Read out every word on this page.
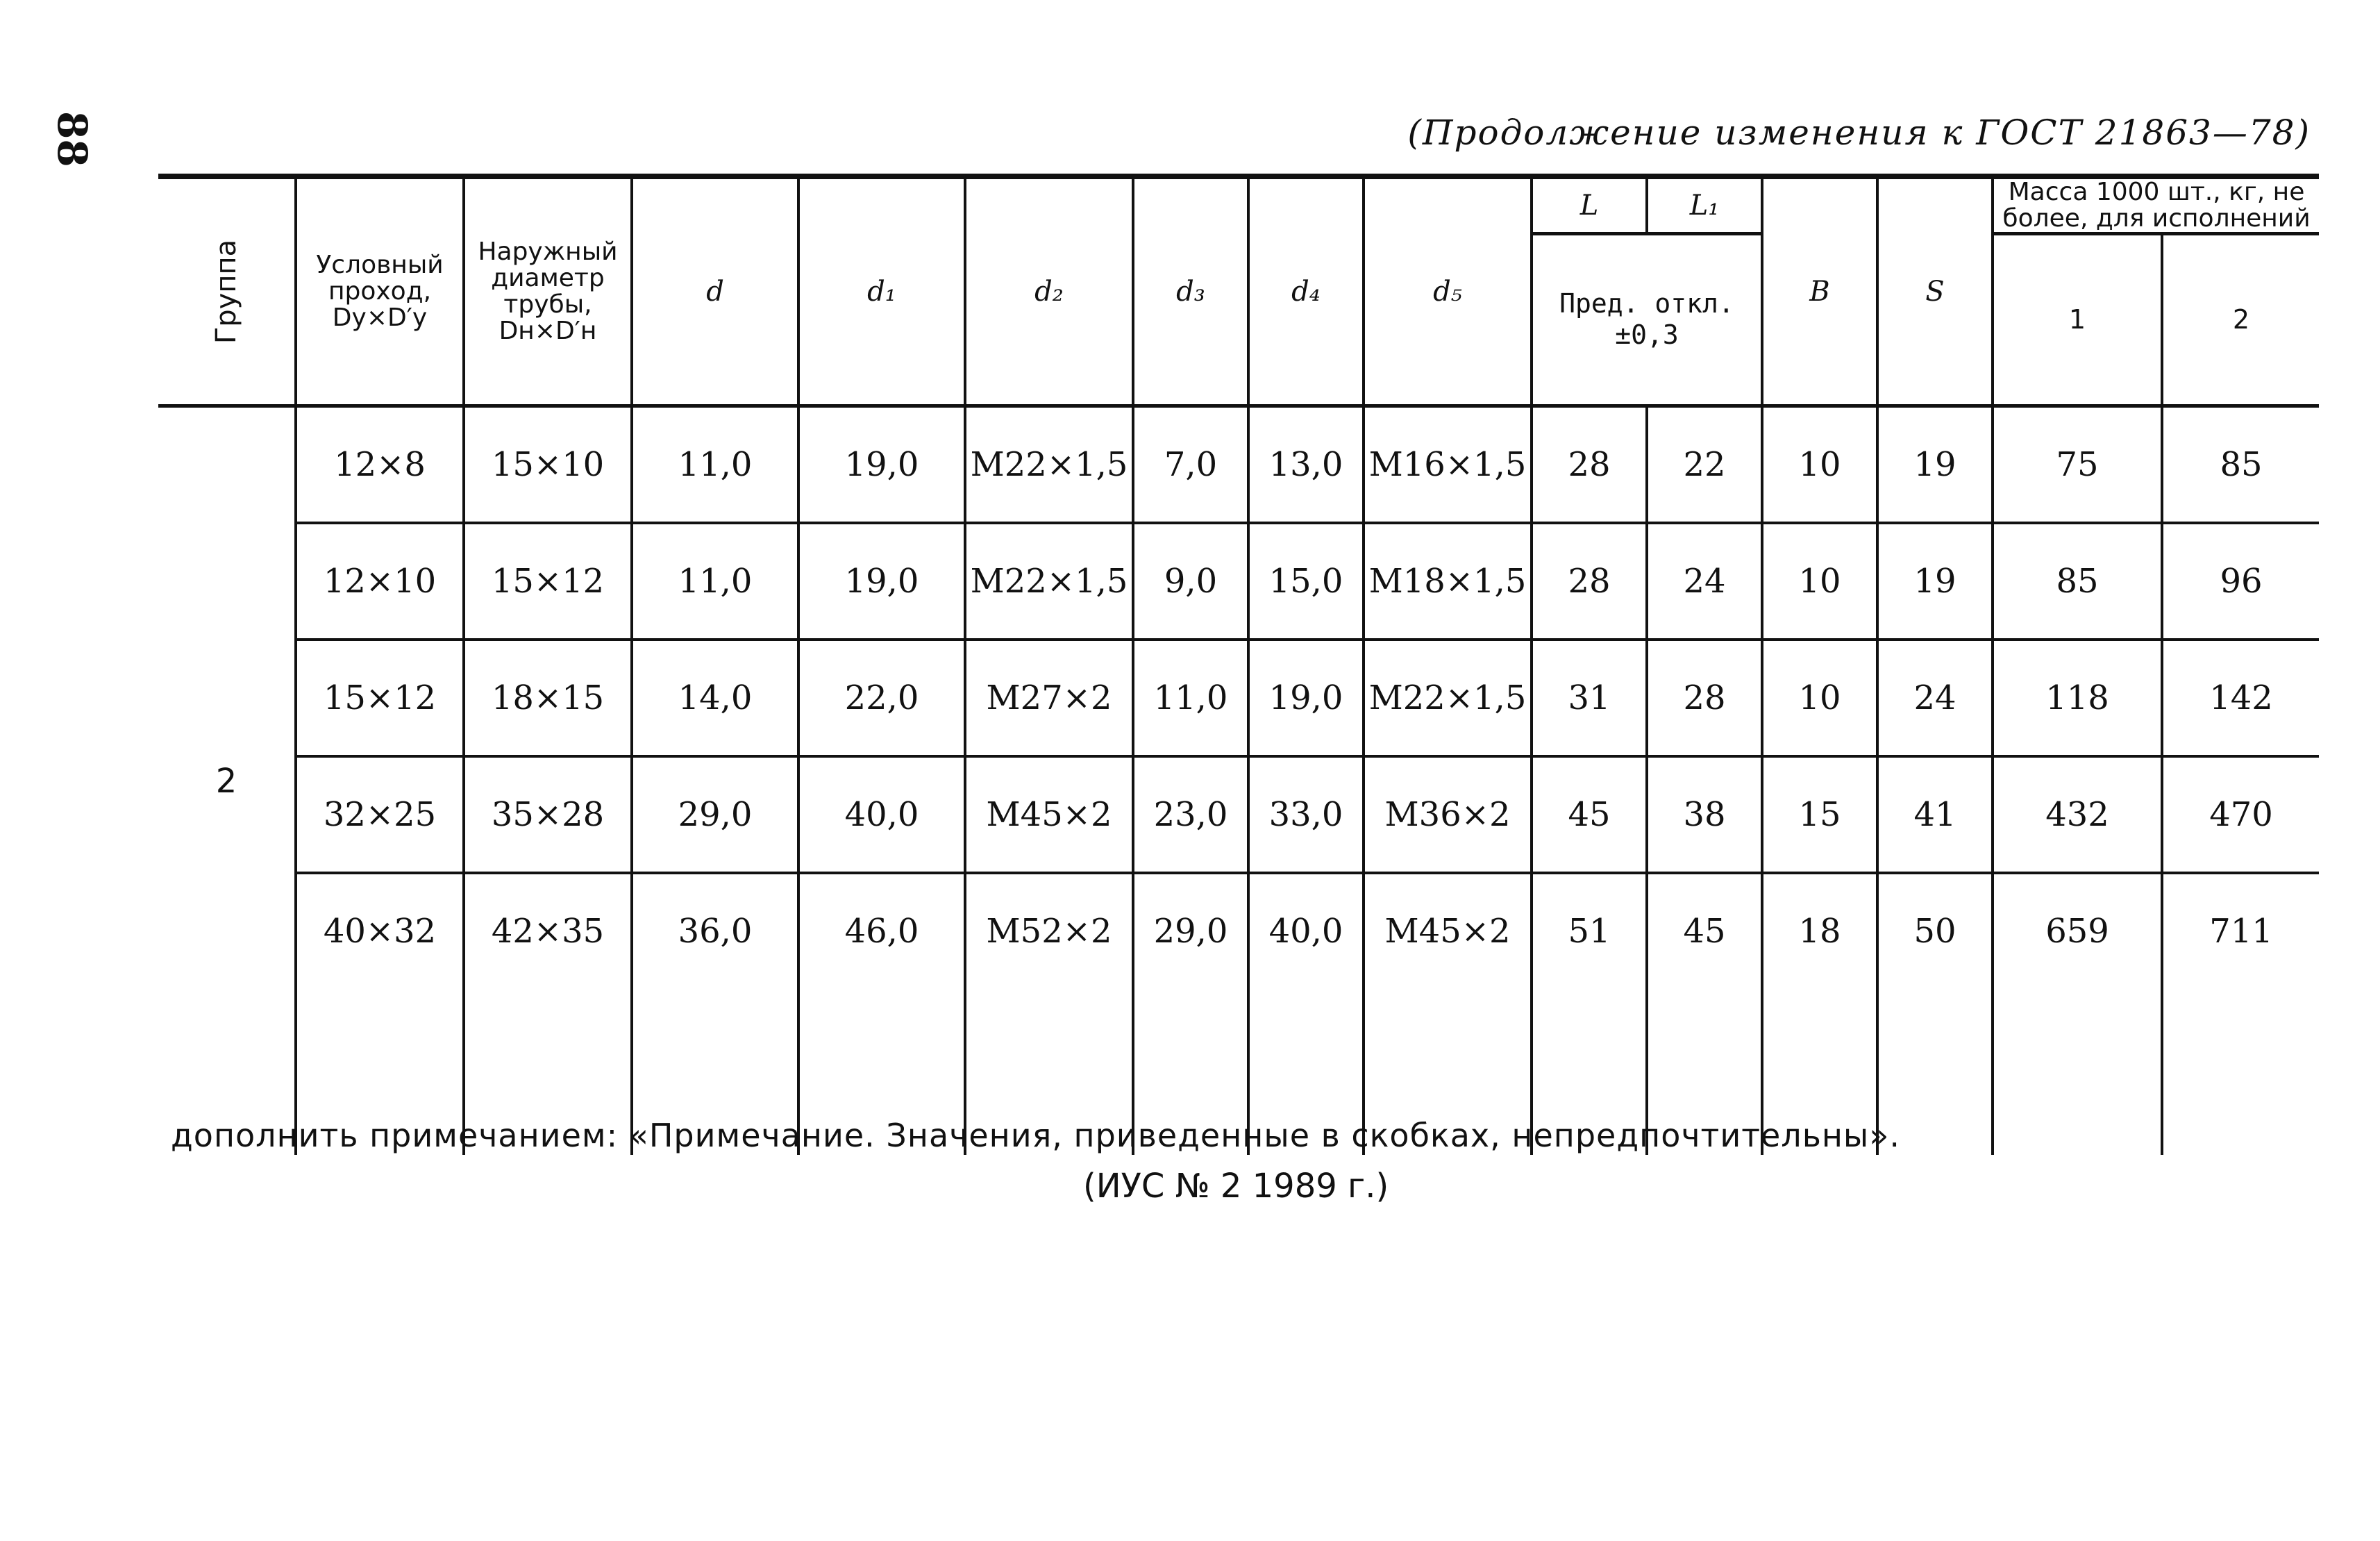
88	(Продолжение изменения к ГОСТ 21863—78)
Группа	Условный проход, Dу×D′у	Наружный диаметр трубы, Dн×D′н	d	d₁	d₂	d₃	d₄	d₅	L	L₁	B	S	Масса 1000 шт., кг, не более, для исполнений	
									Пред. откл. ±0,3				1	2
2	12×8	15×10	11,0	19,0	M22×1,5	7,0	13,0	M16×1,5	28	22	10	19	75	85
	12×10	15×12	11,0	19,0	M22×1,5	9,0	15,0	M18×1,5	28	24	10	19	85	96
	15×12	18×15	14,0	22,0	M27×2	11,0	19,0	M22×1,5	31	28	10	24	118	142
	32×25	35×28	29,0	40,0	M45×2	23,0	33,0	M36×2	45	38	15	41	432	470
	40×32	42×35	36,0	46,0	M52×2	29,0	40,0	M45×2	51	45	18	50	659	711

дополнить примечанием: «Примечание. Значения, приведенные в скобках, непредпочтительны».
(ИУС № 2 1989 г.)
